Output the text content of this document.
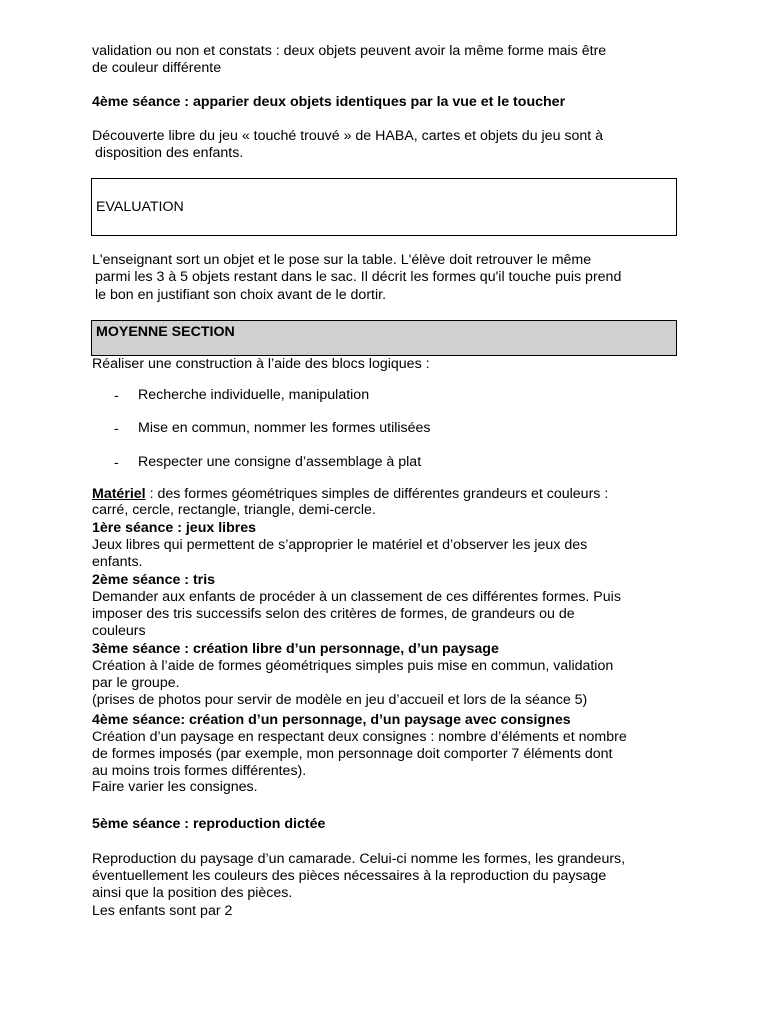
validation ou non et constats : deux objets peuvent avoir la même forme mais être
de couleur différente
4ème séance : apparier deux objets identiques par la vue et le toucher
Découverte libre du jeu « touché trouvé » de HABA, cartes et objets du jeu sont à
disposition des enfants.
EVALUATION
L'enseignant sort un objet et le pose sur la table. L'élève doit retrouver le même
parmi les 3 à 5 objets restant dans le sac. Il décrit les formes qu'il touche puis prend
le bon en justifiant son choix avant de le dortir.
MOYENNE SECTION
Réaliser une construction à l’aide des blocs logiques :
- Recherche individuelle, manipulation
- Mise en commun, nommer les formes utilisées
- Respecter une consigne d’assemblage à plat
Matériel : des formes géométriques simples de différentes grandeurs et couleurs :
carré, cercle, rectangle, triangle, demi-cercle.
1ère séance : jeux libres
Jeux libres qui permettent de s’approprier le matériel et d’observer les jeux des
enfants.
2ème séance : tris
Demander aux enfants de procéder à un classement de ces différentes formes. Puis
imposer des tris successifs selon des critères de formes, de grandeurs ou de
couleurs
3ème séance : création libre d’un personnage, d’un paysage
Création à l’aide de formes géométriques simples puis mise en commun, validation
par le groupe.
(prises de photos pour servir de modèle en jeu d’accueil et lors de la séance 5)
4ème séance: création d’un personnage, d’un paysage avec consignes
Création d’un paysage en respectant deux consignes : nombre d’éléments et nombre
de formes imposés (par exemple, mon personnage doit comporter 7 éléments dont
au moins trois formes différentes).
Faire varier les consignes.
5ème séance : reproduction dictée
Reproduction du paysage d’un camarade. Celui-ci nomme les formes, les grandeurs,
éventuellement les couleurs des pièces nécessaires à la reproduction du paysage
ainsi que la position des pièces.
Les enfants sont par 2
